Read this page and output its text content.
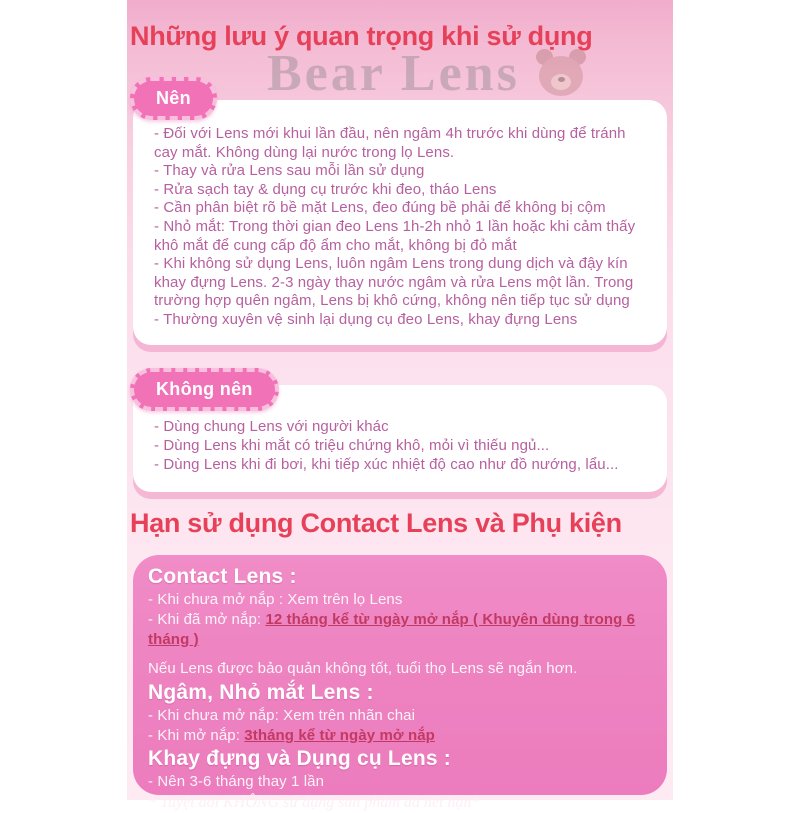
Những lưu ý quan trọng khi sử dụng
Bear Lens
Nên
- Đối với Lens mới khui lần đầu, nên ngâm 4h trước khi dùng để tránh cay mắt. Không dùng lại nước trong lọ Lens.
- Thay và rửa Lens sau mỗi lần sử dụng
- Rửa sạch tay & dụng cụ trước khi đeo, tháo Lens
- Cần phân biệt rõ bề mặt Lens, đeo đúng bề phải để không bị cộm
- Nhỏ mắt: Trong thời gian đeo Lens 1h-2h nhỏ 1 lần hoặc khi cảm thấy khô mắt để cung cấp độ ẩm cho mắt, không bị đỏ mắt
- Khi không sử dụng Lens, luôn ngâm Lens trong dung dịch và đậy kín khay đựng Lens. 2-3 ngày thay nước ngâm và rửa Lens một lần. Trong trường hợp quên ngâm, Lens bị khô cứng, không nên tiếp tục sử dụng
- Thường xuyên vệ sinh lại dụng cụ đeo Lens, khay đựng Lens
Không nên
- Dùng chung Lens với người khác
- Dùng Lens khi mắt có triệu chứng khô, mỏi vì thiếu ngủ...
- Dùng Lens khi đi bơi, khi tiếp xúc nhiệt độ cao như đồ nướng, lẩu...
Hạn sử dụng Contact Lens và Phụ kiện
Contact Lens :
- Khi chưa mở nắp : Xem trên lọ Lens
- Khi đã mở nắp: 12 tháng kể từ ngày mở nắp ( Khuyên dùng trong 6 tháng )
Nếu Lens được bảo quản không tốt, tuổi thọ Lens sẽ ngắn hơn.
Ngâm, Nhỏ mắt Lens :
- Khi chưa mở nắp: Xem trên nhãn chai
- Khi mở nắp: 3tháng kể từ ngày mở nắp
Khay đựng và Dụng cụ Lens :
- Nên 3-6 tháng thay 1 lần
* Tuyệt đối KHÔNG sử dụng sản phẩm đã hết hạn*
